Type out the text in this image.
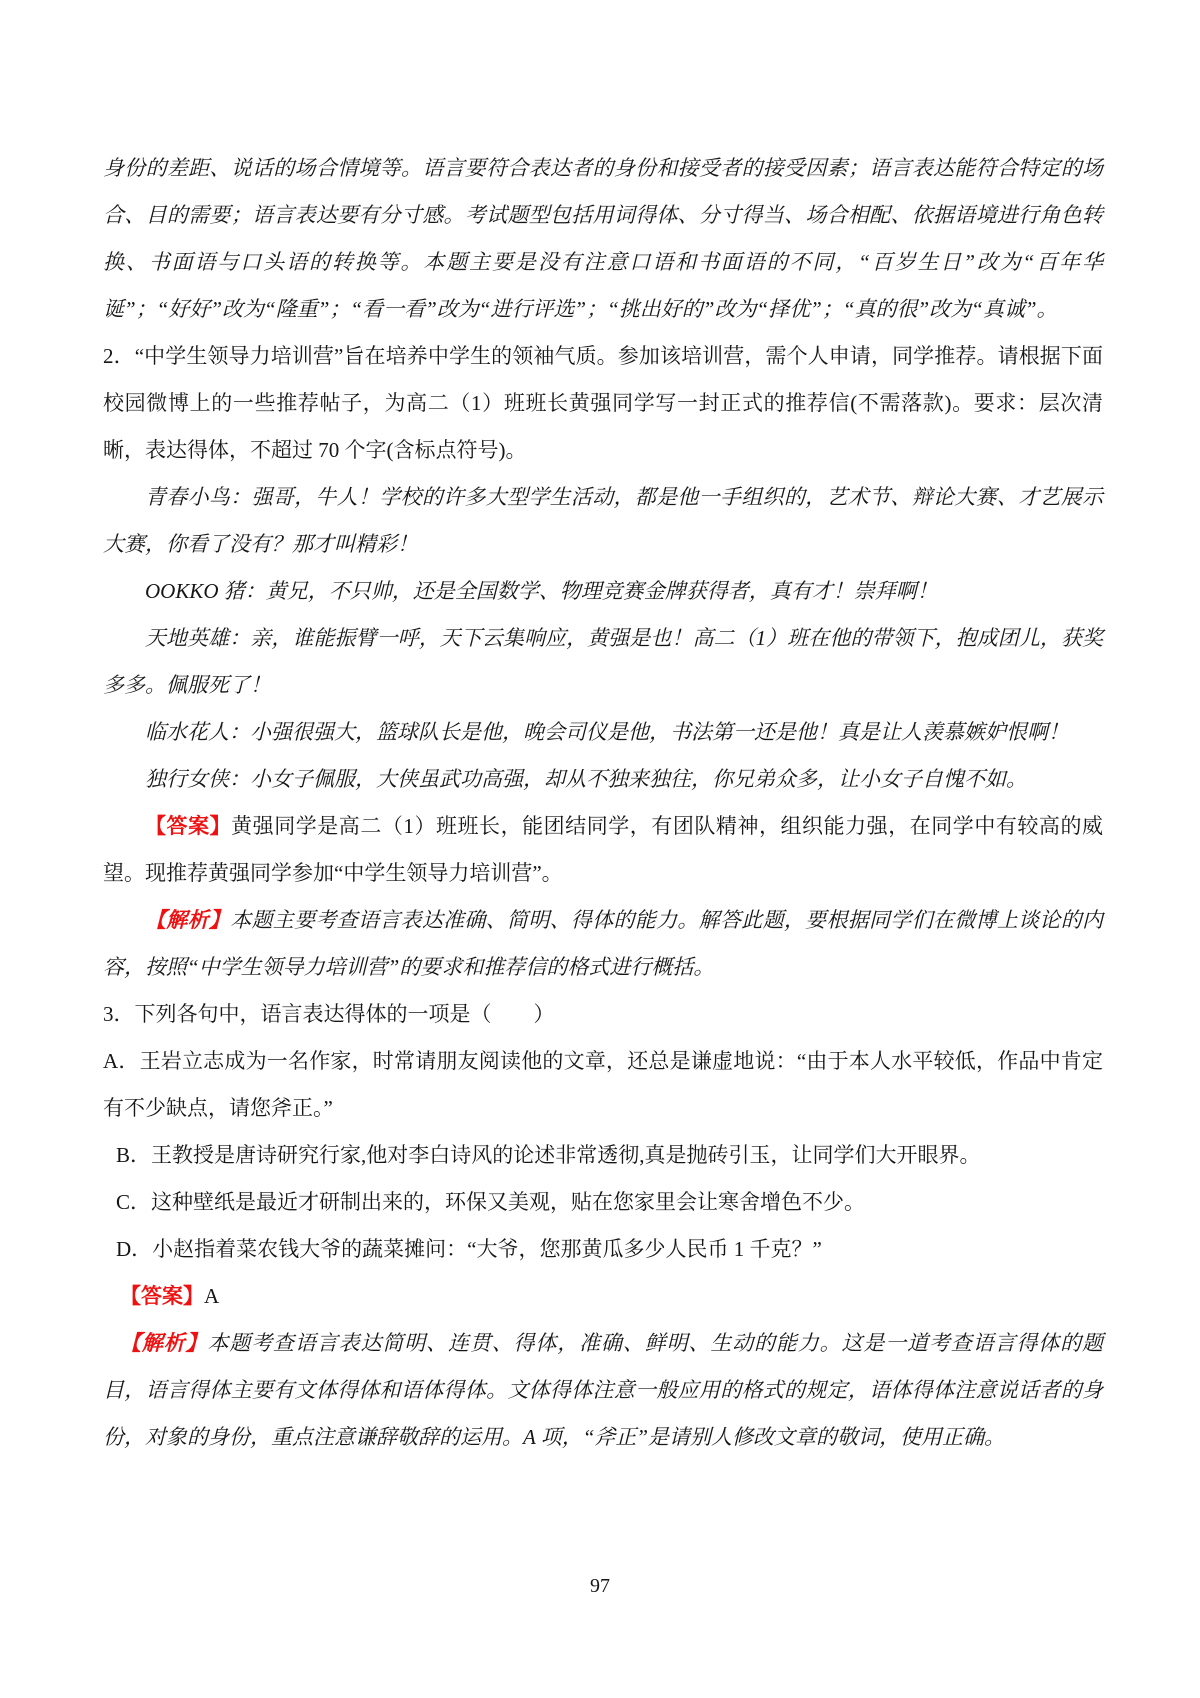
身份的差距、说话的场合情境等。语言要符合表达者的身份和接受者的接受因素；语言表达能符合特定的场合、目的需要；语言表达要有分寸感。考试题型包括用词得体、分寸得当、场合相配、依据语境进行角色转换、书面语与口头语的转换等。本题主要是没有注意口语和书面语的不同，“百岁生日”改为“百年华诞”；“好好”改为“隆重”；“看一看”改为“进行评选”；“挑出好的”改为“择优”；“真的很”改为“真诚”。

2．“中学生领导力培训营”旨在培养中学生的领袖气质。参加该培训营，需个人申请，同学推荐。请根据下面校园微博上的一些推荐帖子，为高二（1）班班长黄强同学写一封正式的推荐信(不需落款)。要求：层次清晰，表达得体，不超过 70 个字(含标点符号)。

青春小鸟：强哥，牛人！学校的许多大型学生活动，都是他一手组织的，艺术节、辩论大赛、才艺展示大赛，你看了没有？那才叫精彩！

OOKKO 猪：黄兄，不只帅，还是全国数学、物理竞赛金牌获得者，真有才！崇拜啊！

天地英雄：亲，谁能振臂一呼，天下云集响应，黄强是也！高二（1）班在他的带领下，抱成团儿，获奖多多。佩服死了！

临水花人：小强很强大，篮球队长是他，晚会司仪是他，书法第一还是他！真是让人羡慕嫉妒恨啊！

独行女侠：小女子佩服，大侠虽武功高强，却从不独来独往，你兄弟众多，让小女子自愧不如。

【答案】黄强同学是高二（1）班班长，能团结同学，有团队精神，组织能力强，在同学中有较高的威望。现推荐黄强同学参加“中学生领导力培训营”。

【解析】本题主要考查语言表达准确、简明、得体的能力。解答此题，要根据同学们在微博上谈论的内容，按照“中学生领导力培训营”的要求和推荐信的格式进行概括。

3．下列各句中，语言表达得体的一项是（　　）

A．王岩立志成为一名作家，时常请朋友阅读他的文章，还总是谦虚地说：“由于本人水平较低，作品中肯定有不少缺点，请您斧正。”

B．王教授是唐诗研究行家,他对李白诗风的论述非常透彻,真是抛砖引玉，让同学们大开眼界。

C．这种壁纸是最近才研制出来的，环保又美观，贴在您家里会让寒舍增色不少。

D．小赵指着菜农钱大爷的蔬菜摊问：“大爷，您那黄瓜多少人民币 1 千克？”

【答案】A

【解析】本题考查语言表达简明、连贯、得体，准确、鲜明、生动的能力。这是一道考查语言得体的题目，语言得体主要有文体得体和语体得体。文体得体注意一般应用的格式的规定，语体得体注意说话者的身份，对象的身份，重点注意谦辞敬辞的运用。A 项，“斧正”是请别人修改文章的敬词，使用正确。

97
